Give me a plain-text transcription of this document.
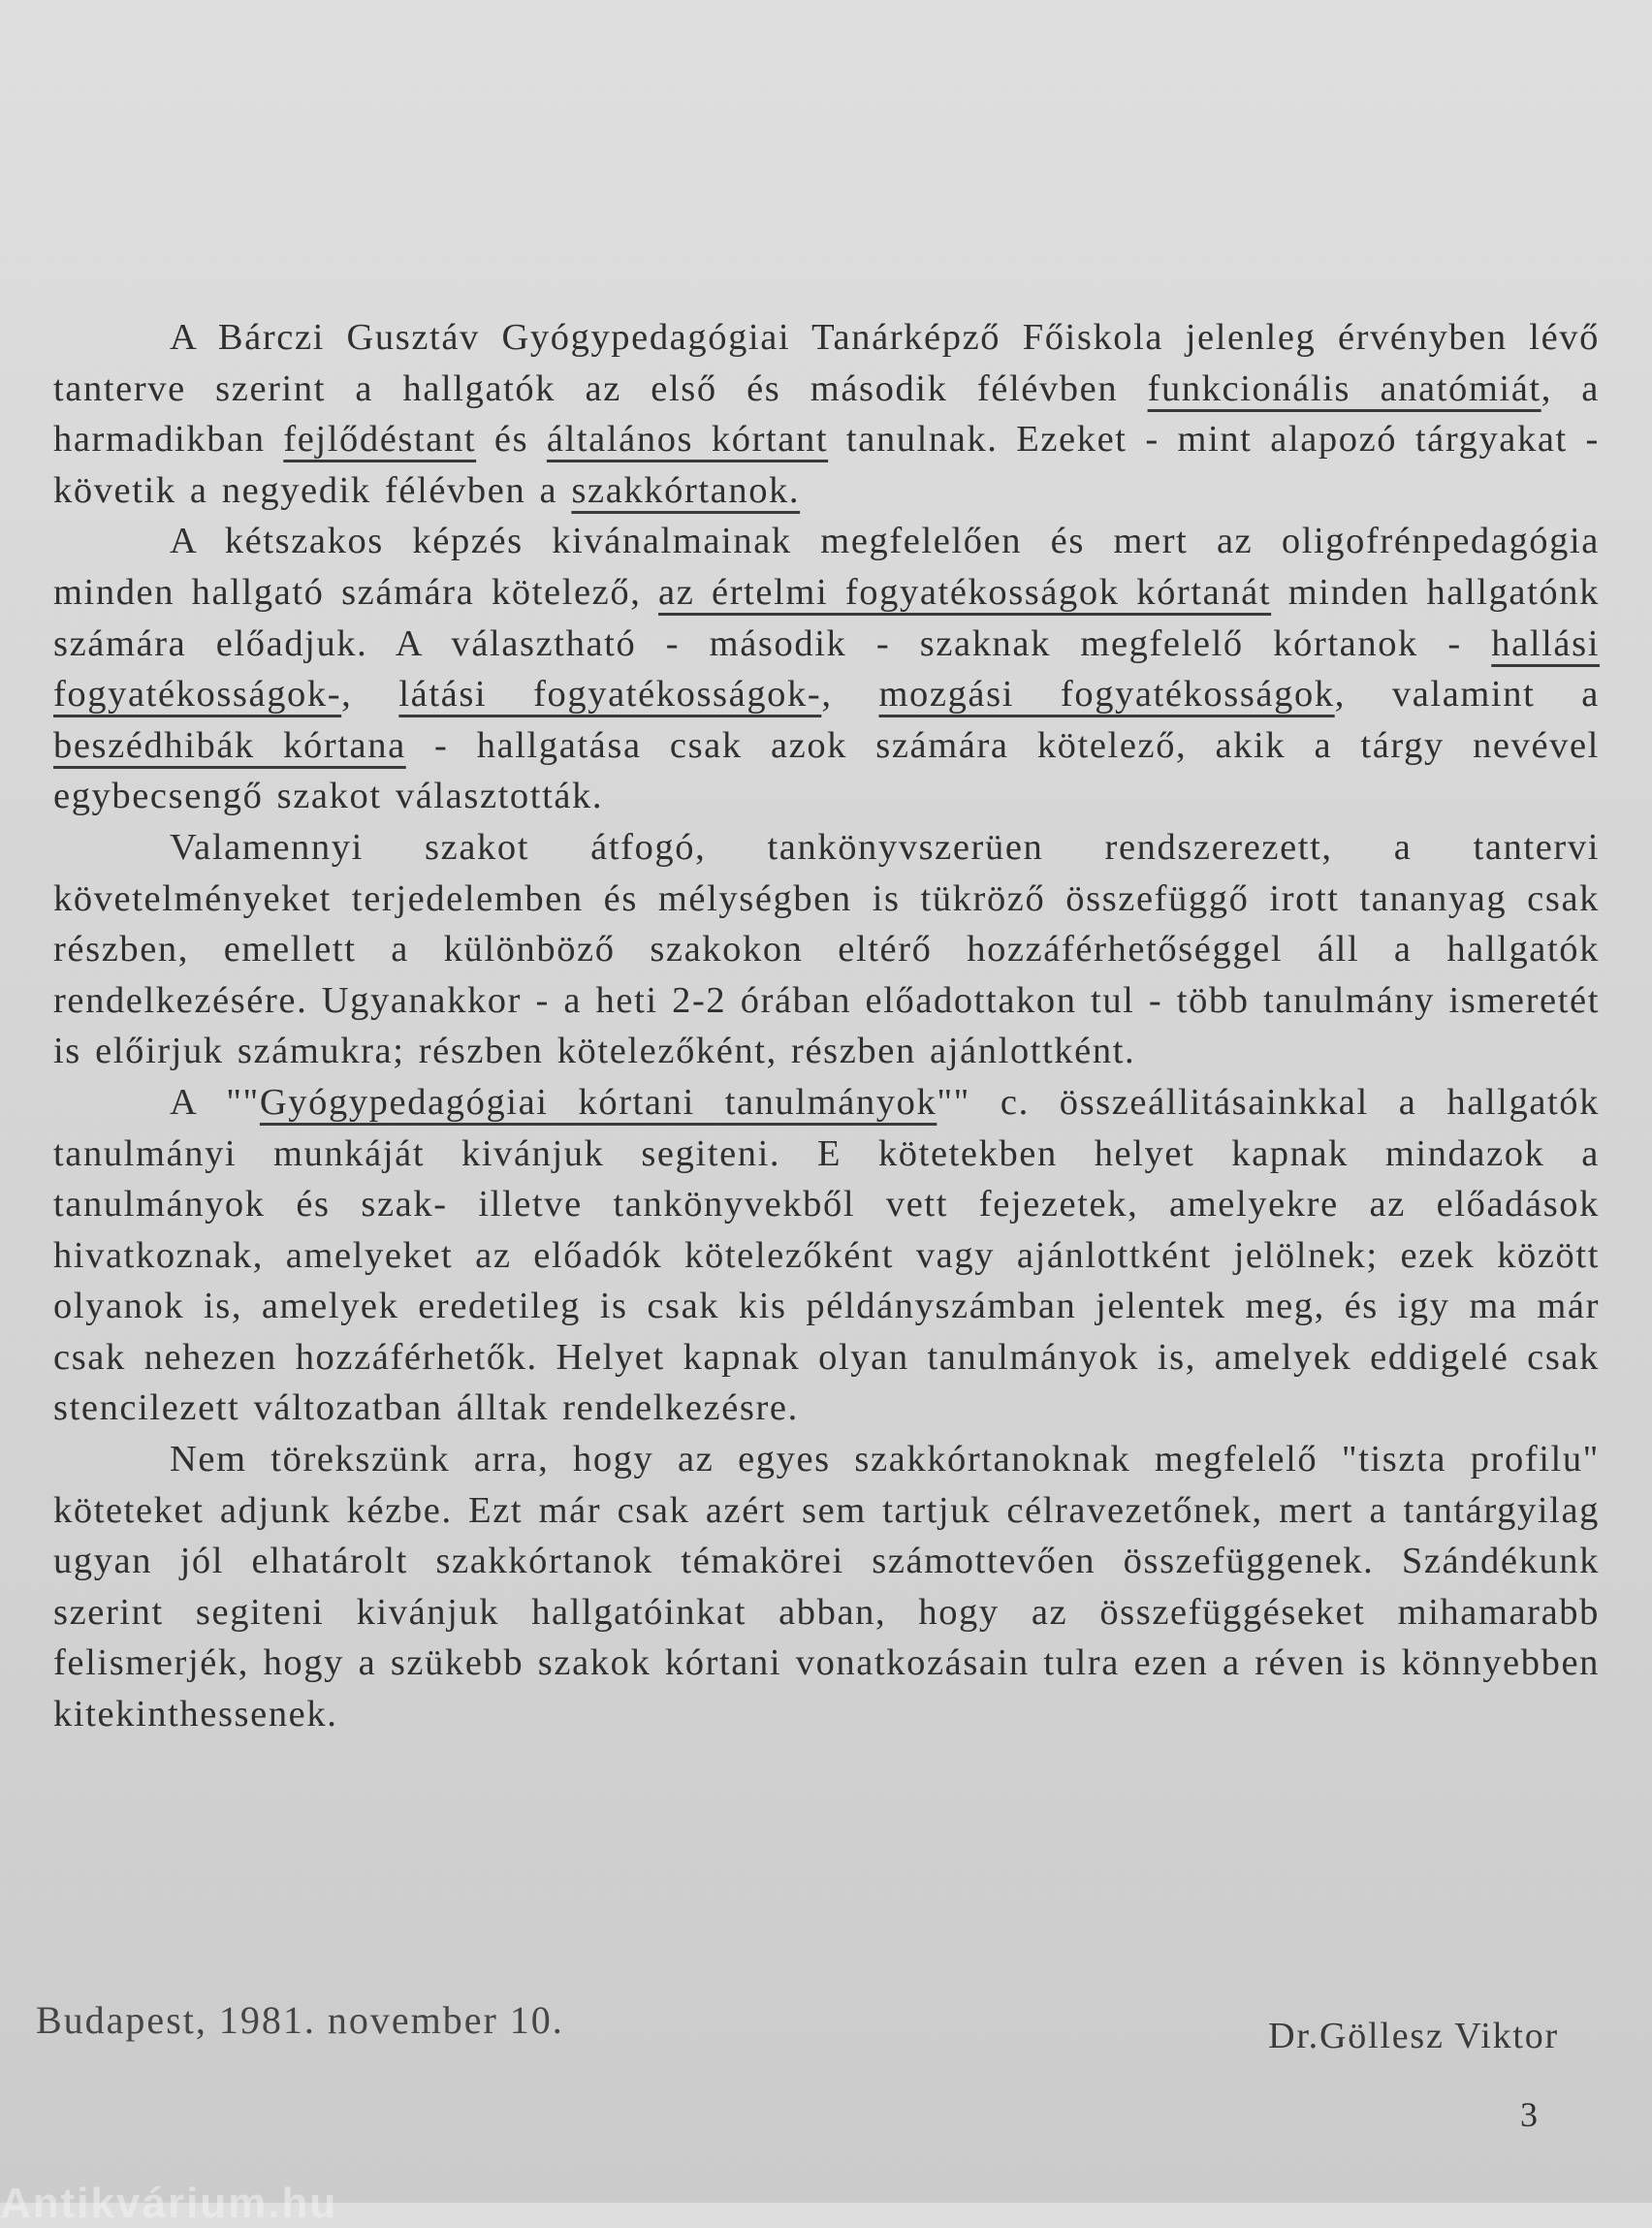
A Bárczi Gusztáv Gyógypedagógiai Tanárképző Főiskola jelenleg érvényben lévő tanterve szerint a hallgatók az első és második félévben funkcionális anatómiát, a harmadikban fejlődéstant és általános kórtant tanulnak. Ezeket - mint alapozó tárgyakat - követik a negyedik félévben a szakkórtanok.

A kétszakos képzés kivánalmainak megfelelően és mert az oligofrénpedagógia minden hallgató számára kötelező, az értelmi fogyatékosságok kórtanát minden hallgatónk számára előadjuk. A választható - második - szaknak megfelelő kórtanok - hallási fogyatékosságok-, látási fogyatékosságok-, mozgási fogyatékosságok, valamint a beszédhibák kórtana - hallgatása csak azok számára kötelező, akik a tárgy nevével egybecsengő szakot választották.

Valamennyi szakot átfogó, tankönyvszerüen rendszerezett, a tantervi követelményeket terjedelemben és mélységben is tükröző összefüggő irott tananyag csak részben, emellett a különböző szakokon eltérő hozzáférhetőséggel áll a hallgatók rendelkezésére. Ugyanakkor - a heti 2-2 órában előadottakon tul - több tanulmány ismeretét is előirjuk számukra; részben kötelezőként, részben ajánlottként.

A ""Gyógypedagógiai kórtani tanulmányok"" c. összeállitásainkkal a hallgatók tanulmányi munkáját kivánjuk segiteni. E kötetekben helyet kapnak mindazok a tanulmányok és szak- illetve tankönyvekből vett fejezetek, amelyekre az előadások hivatkoznak, amelyeket az előadók kötelezőként vagy ajánlottként jelölnek; ezek között olyanok is, amelyek eredetileg is csak kis példányszámban jelentek meg, és igy ma már csak nehezen hozzáférhetők. Helyet kapnak olyan tanulmányok is, amelyek eddigelé csak stencilezett változatban álltak rendelkezésre.

Nem törekszünk arra, hogy az egyes szakkórtanoknak megfelelő "tiszta profilu" köteteket adjunk kézbe. Ezt már csak azért sem tartjuk célravezetőnek, mert a tantárgyilag ugyan jól elhatárolt szakkórtanok témakörei számottevően összefüggenek. Szándékunk szerint segiteni kivánjuk hallgatóinkat abban, hogy az összefüggéseket mihamarabb felismerjék, hogy a szükebb szakok kórtani vonatkozásain tulra ezen a réven is könnyebben kitekinthessenek.

Budapest, 1981. november 10.	Dr.Göllesz Viktor
3
Antikvárium.hu
